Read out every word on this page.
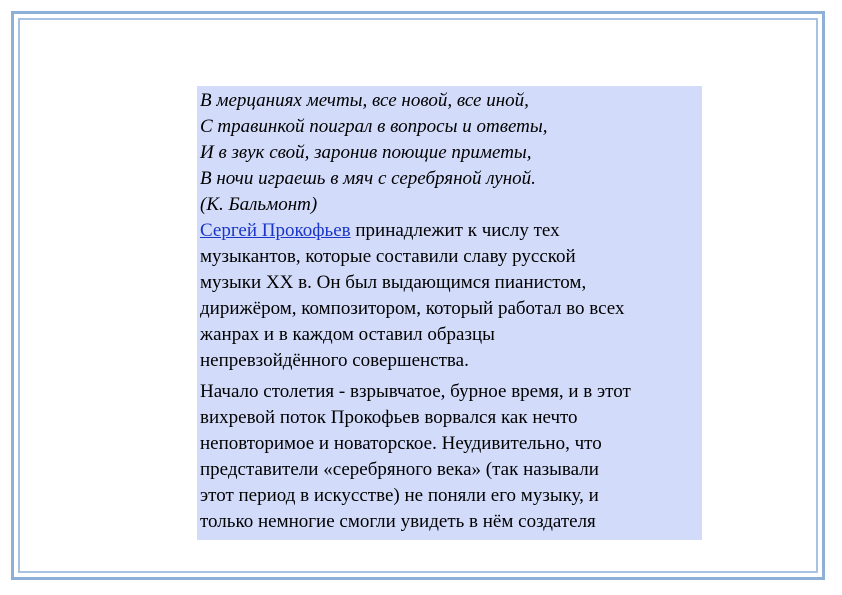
В мерцаниях мечты, все новой, все иной,
С травинкой поиграл в вопросы и ответы,
И в звук свой, заронив поющие приметы,
В ночи играешь в мяч с серебряной луной.
(К. Бальмонт)
Сергей Прокофьев принадлежит к числу тех
музыкантов, которые составили славу русской
музыки XX в. Он был выдающимся пианистом,
дирижёром, композитором, который работал во всех
жанрах и в каждом оставил образцы
непревзойдённого совершенства.
Начало столетия - взрывчатое, бурное время, и в этот
вихревой поток Прокофьев ворвался как нечто
неповторимое и новаторское. Неудивительно, что
представители «серебряного века» (так называли
этот период в искусстве) не поняли его музыку, и
только немногие смогли увидеть в нём создателя
